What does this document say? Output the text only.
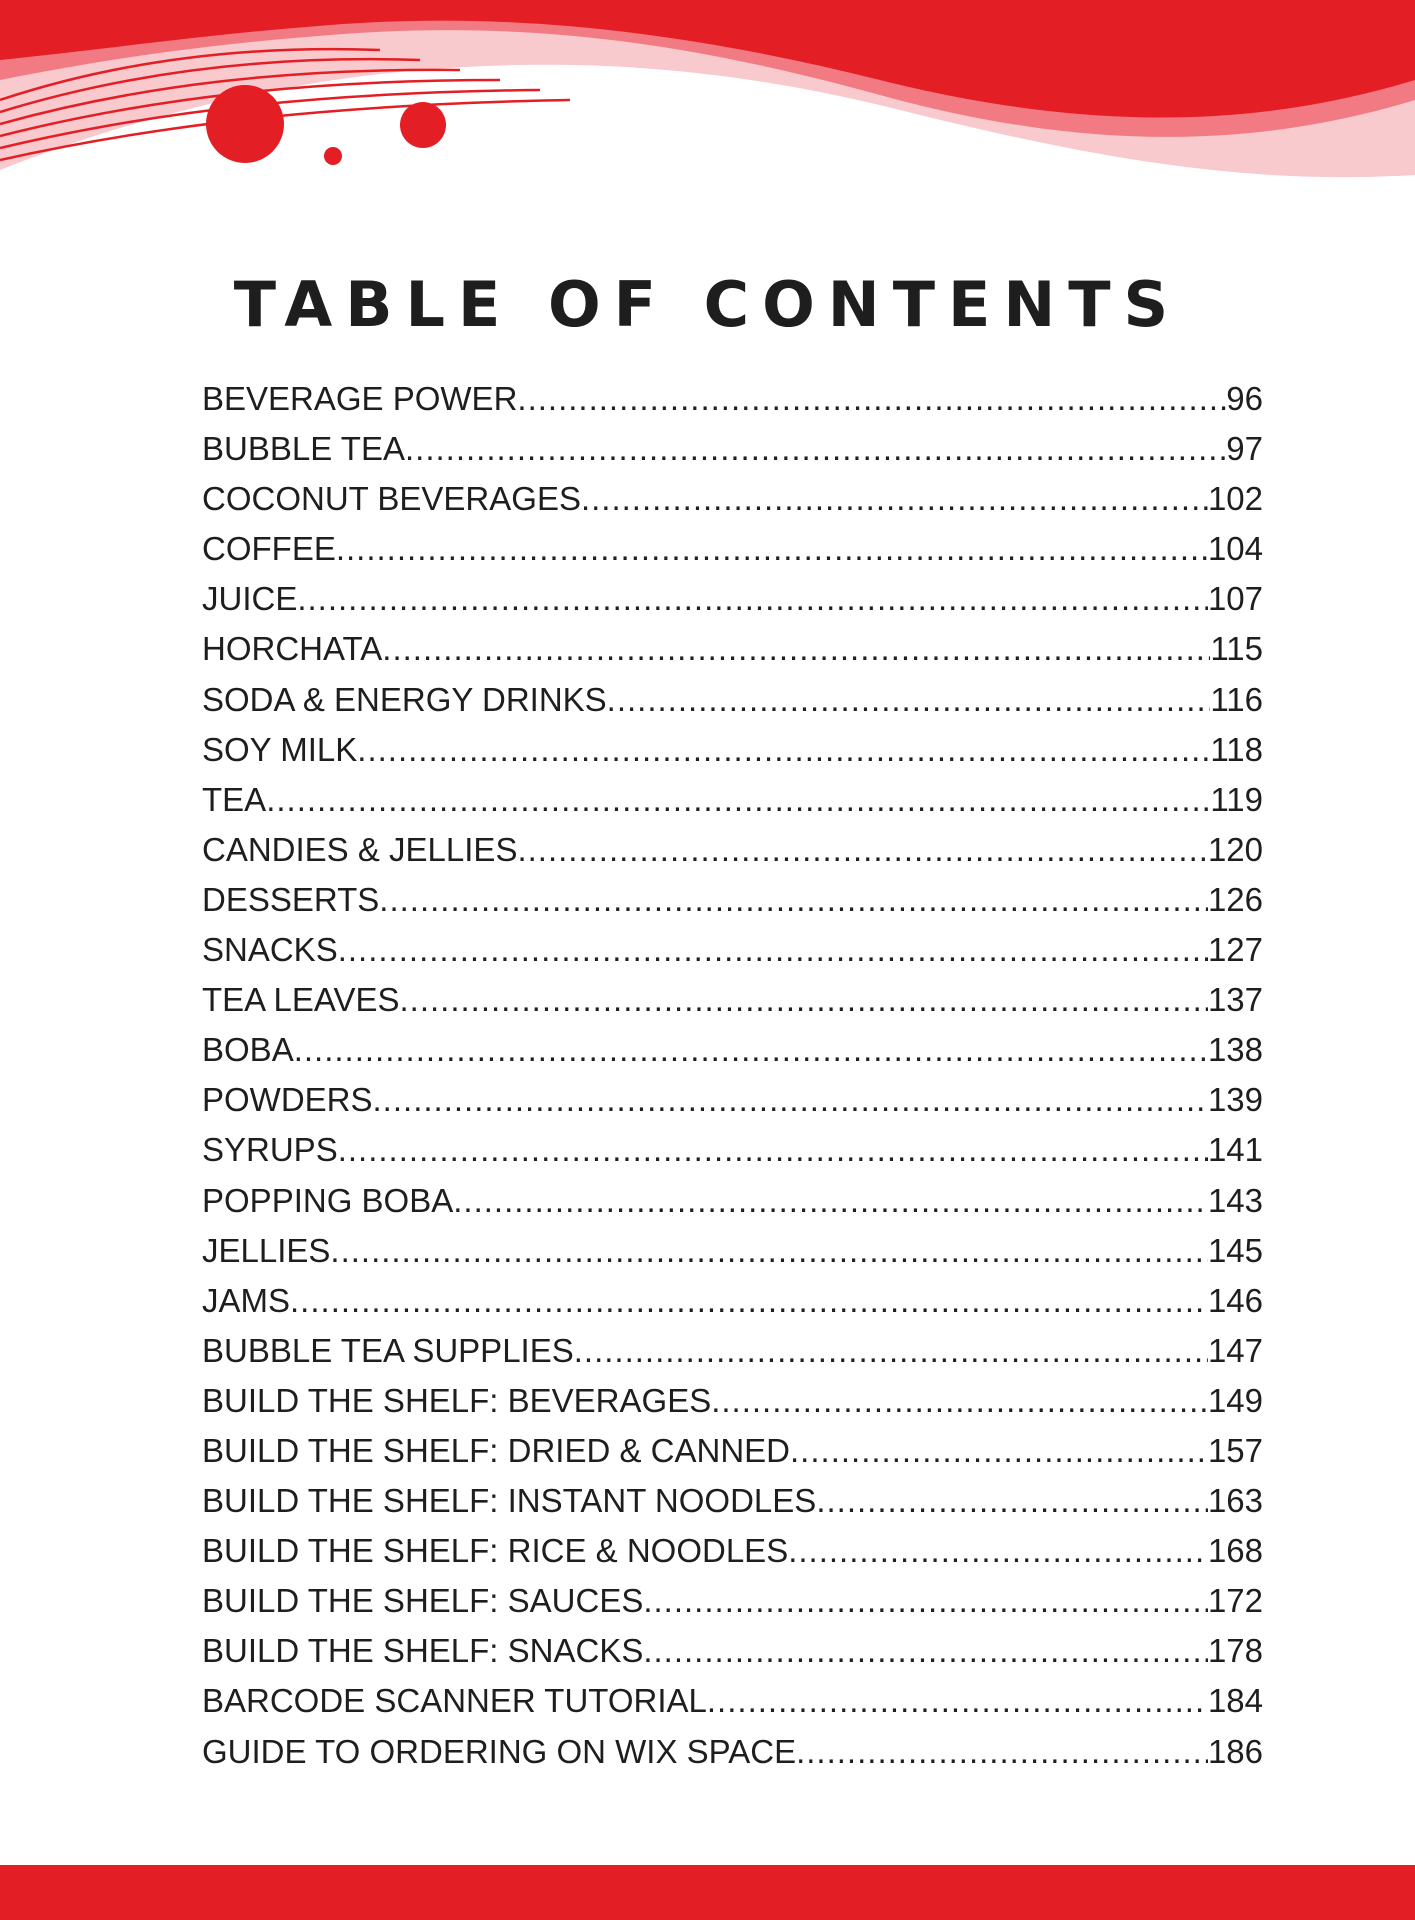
TABLE OF CONTENTS
BEVERAGE POWER .....	96
BUBBLE TEA .....	97
COCONUT BEVERAGES .....	102
COFFEE .....	104
JUICE .....	107
HORCHATA .....	115
SODA & ENERGY DRINKS .....	116
SOY MILK .....	118
TEA .....	119
CANDIES & JELLIES .....	120
DESSERTS .....	126
SNACKS .....	127
TEA LEAVES .....	137
BOBA .....	138
POWDERS .....	139
SYRUPS .....	141
POPPING BOBA .....	143
JELLIES .....	145
JAMS .....	146
BUBBLE TEA SUPPLIES .....	147
BUILD THE SHELF: BEVERAGES .....	149
BUILD THE SHELF: DRIED & CANNED .....	157
BUILD THE SHELF: INSTANT NOODLES .....	163
BUILD THE SHELF: RICE & NOODLES .....	168
BUILD THE SHELF: SAUCES .....	172
BUILD THE SHELF: SNACKS .....	178
BARCODE SCANNER TUTORIAL .....	184
GUIDE TO ORDERING ON WIX SPACE .....	186
